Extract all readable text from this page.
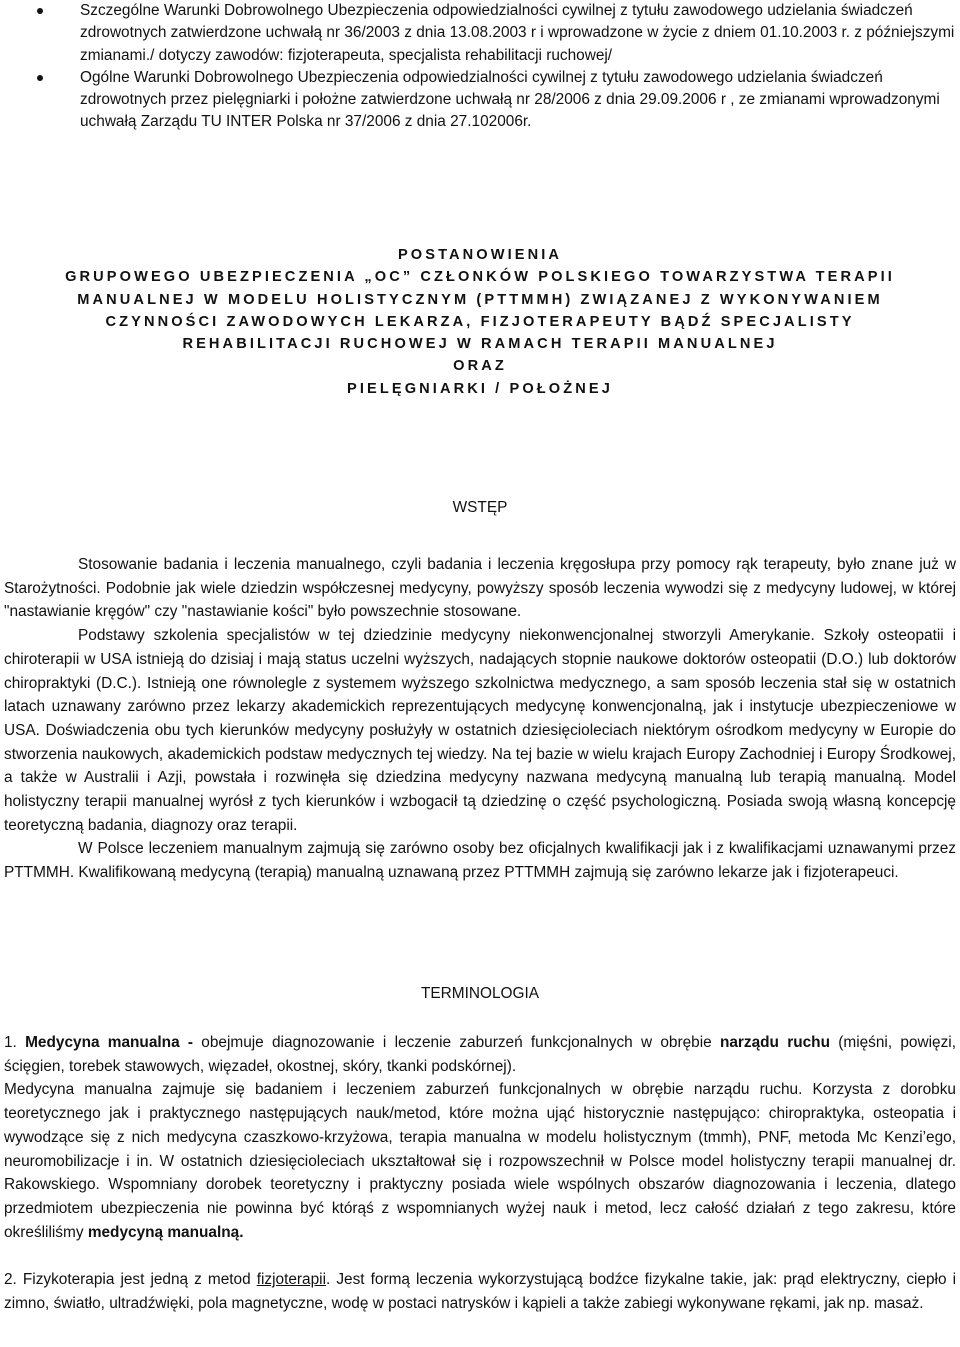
Szczególne Warunki Dobrowolnego Ubezpieczenia odpowiedzialności cywilnej z tytułu zawodowego udzielania świadczeń zdrowotnych zatwierdzone uchwałą nr 36/2003 z dnia 13.08.2003 r i wprowadzone w życie z dniem 01.10.2003 r. z późniejszymi zmianami./ dotyczy zawodów: fizjoterapeuta, specjalista rehabilitacji ruchowej/
Ogólne Warunki Dobrowolnego Ubezpieczenia odpowiedzialności cywilnej z tytułu zawodowego udzielania świadczeń zdrowotnych przez pielęgniarki i położne zatwierdzone uchwałą nr 28/2006 z dnia 29.09.2006 r , ze zmianami wprowadzonymi uchwałą Zarządu TU INTER Polska nr 37/2006 z dnia 27.102006r.
POSTANOWIENIA
GRUPOWEGO UBEZPIECZENIA „OC” CZŁONKÓW POLSKIEGO TOWARZYSTWA TERAPII
MANUALNEJ W MODELU HOLISTYCZNYM (PTTMMH) ZWIĄZANEJ Z WYKONYWANIEM
CZYNNOŚCI ZAWODOWYCH LEKARZA, FIZJOTERAPEUTY BĄDŹ SPECJALISTY
REHABILITACJI RUCHOWEJ W RAMACH TERAPII MANUALNEJ
ORAZ
PIELĘGNIARKI / POŁOŻNEJ
WSTĘP

Stosowanie badania i leczenia manualnego, czyli badania i leczenia kręgosłupa przy pomocy rąk terapeuty, było znane już w Starożytności. Podobnie jak wiele dziedzin współczesnej medycyny, powyższy sposób leczenia wywodzi się z medycyny ludowej, w której "nastawianie kręgów" czy "nastawianie kości" było powszechnie stosowane.

Podstawy szkolenia specjalistów w tej dziedzinie medycyny niekonwencjonalnej stworzyli Amerykanie. Szkoły osteopatii i chiroterapii w USA istnieją do dzisiaj i mają status uczelni wyższych, nadających stopnie naukowe doktorów osteopatii (D.O.) lub doktorów chiropraktyki (D.C.). Istnieją one równolegle z systemem wyższego szkolnictwa medycznego, a sam sposób leczenia stał się w ostatnich latach uznawany zarówno przez lekarzy akademickich reprezentujących medycynę konwencjonalną, jak i instytucje ubezpieczeniowe w USA. Doświadczenia obu tych kierunków medycyny posłużyły w ostatnich dziesięcioleciach niektórym ośrodkom medycyny w Europie do stworzenia naukowych, akademickich podstaw medycznych tej wiedzy. Na tej bazie w wielu krajach Europy Zachodniej i Europy Środkowej, a także w Australii i Azji, powstała i rozwinęła się dziedzina medycyny nazwana medycyną manualną lub terapią manualną. Model holistyczny terapii manualnej wyrósł z tych kierunków i wzbogacił tą dziedzinę o część psychologiczną. Posiada swoją własną koncepcję teoretyczną badania, diagnozy oraz terapii.

W Polsce leczeniem manualnym zajmują się zarówno osoby bez oficjalnych kwalifikacji jak i z kwalifikacjami uznawanymi przez PTTMMH. Kwalifikowaną medycyną (terapią) manualną uznawaną przez PTTMMH zajmują się zarówno lekarze jak i fizjoterapeuci.

TERMINOLOGIA

1. Medycyna manualna - obejmuje diagnozowanie i leczenie zaburzeń funkcjonalnych w obrębie narządu ruchu (mięśni, powięzi, ścięgien, torebek stawowych, więzadeł, okostnej, skóry, tkanki podskórnej).

Medycyna manualna zajmuje się badaniem i leczeniem zaburzeń funkcjonalnych w obrębie narządu ruchu. Korzysta z dorobku teoretycznego jak i praktycznego następujących nauk/metod, które można ująć historycznie następująco: chiropraktyka, osteopatia i wywodzące się z nich medycyna czaszkowo-krzyżowa, terapia manualna w modelu holistycznym (tmmh), PNF, metoda Mc Kenzi’ego, neuromobilizacje i in. W ostatnich dziesięcioleciach ukształtował się i rozpowszechnił w Polsce model holistyczny terapii manualnej dr. Rakowskiego. Wspomniany dorobek teoretyczny i praktyczny posiada wiele wspólnych obszarów diagnozowania i leczenia, dlatego przedmiotem ubezpieczenia nie powinna być którąś z wspomnianych wyżej nauk i metod, lecz całość działań z tego zakresu, które określiliśmy medycyną manualną.

2. Fizykoterapia jest jedną z metod fizjoterapii. Jest formą leczenia wykorzystującą bodźce fizykalne takie, jak: prąd elektryczny, ciepło i zimno, światło, ultradźwięki, pola magnetyczne, wodę w postaci natrysków i kąpieli a także zabiegi wykonywane rękami, jak np. masaż.
